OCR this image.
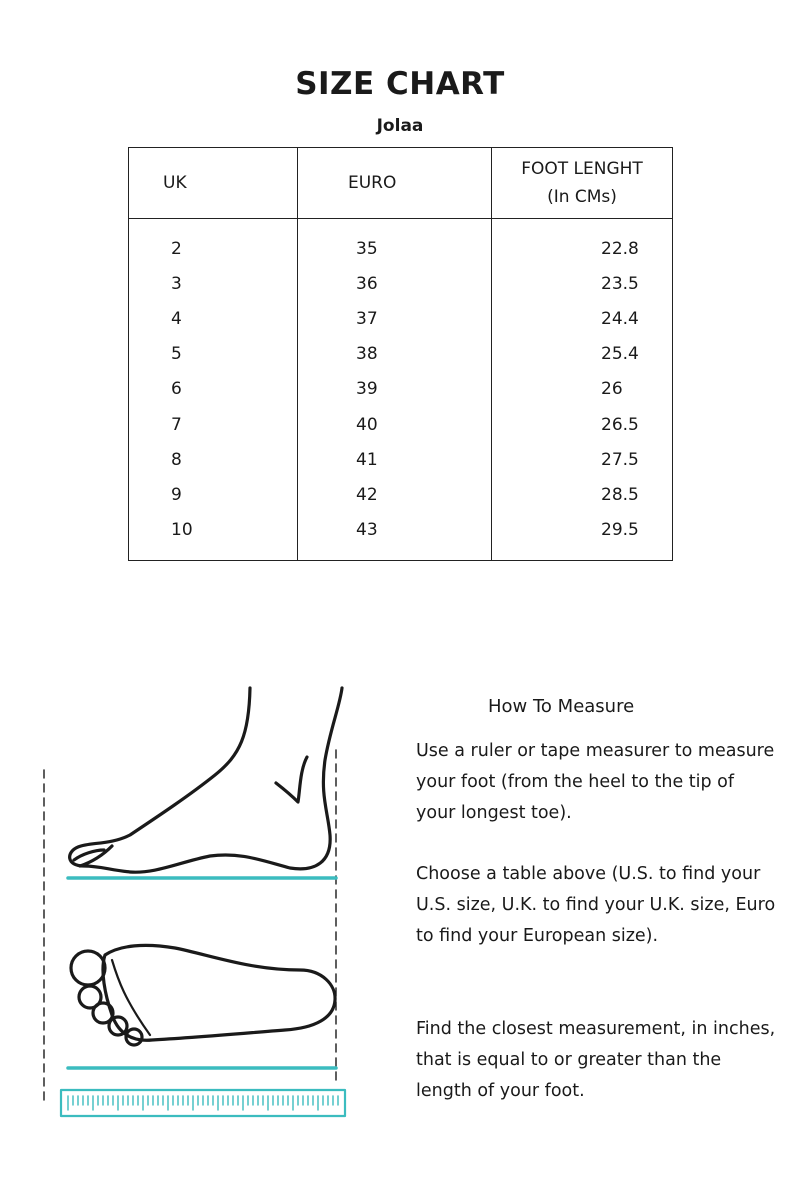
SIZE CHART
Jolaa
UK	EURO	FOOT LENGHT
(In CMs)
2	35	22.8
3	36	23.5
4	37	24.4
5	38	25.4
6	39	26
7	40	26.5
8	41	27.5
9	42	28.5
10	43	29.5
How To Measure

Use a ruler or tape measurer to measure your foot (from the heel to the tip of your longest toe).

Choose a table above (U.S. to find your U.S. size, U.K. to find your U.K. size, Euro to find your European size).

Find the closest measurement, in inches, that is equal to or greater than the length of your foot.
